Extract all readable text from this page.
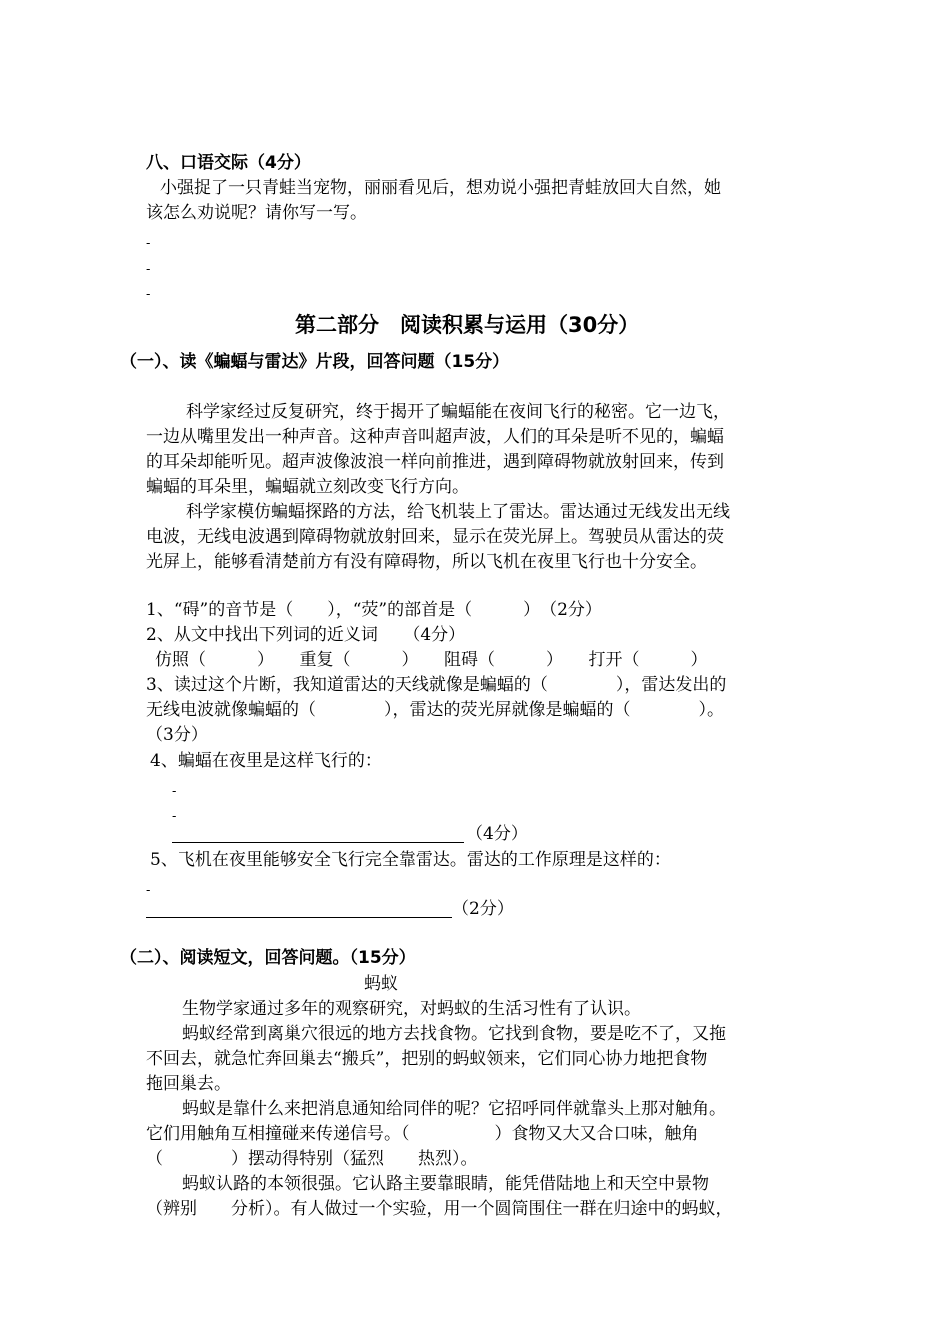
八、口语交际（4分）
小强捉了一只青蛙当宠物，丽丽看见后，想劝说小强把青蛙放回大自然，她
该怎么劝说呢？请你写一写。
-
-
-
第二部分　阅读积累与运用（30分）
（一）、读《蝙蝠与雷达》片段，回答问题（15分）
科学家经过反复研究，终于揭开了蝙蝠能在夜间飞行的秘密。它一边飞，
一边从嘴里发出一种声音。这种声音叫超声波，人们的耳朵是听不见的，蝙蝠
的耳朵却能听见。超声波像波浪一样向前推进，遇到障碍物就放射回来，传到
蝙蝠的耳朵里，蝙蝠就立刻改变飞行方向。
科学家模仿蝙蝠探路的方法，给飞机装上了雷达。雷达通过无线发出无线
电波，无线电波遇到障碍物就放射回来，显示在荧光屏上。驾驶员从雷达的荧
光屏上，能够看清楚前方有没有障碍物，所以飞机在夜里飞行也十分安全。
1、“碍”的音节是（　　），“荧”的部首是（　　　）　（2分）
2、从文中找出下列词的近义词　　（4分）
仿照（　　　）　　重复（　　　）　　阻碍（　　　）　　打开（　　　）
3、读过这个片断，我知道雷达的天线就像是蝙蝠的（　　　　），雷达发出的
无线电波就像蝙蝠的（　　　　），雷达的荧光屏就像是蝙蝠的（　　　　）。
（3分）
4、蝙蝠在夜里是这样飞行的：
-
-
（4分）
5、飞机在夜里能够安全飞行完全靠雷达。雷达的工作原理是这样的：
-
（2分）
（二）、阅读短文，回答问题。（15分）
蚂蚁
生物学家通过多年的观察研究，对蚂蚁的生活习性有了认识。
蚂蚁经常到离巢穴很远的地方去找食物。它找到食物，要是吃不了，又拖
不回去，就急忙奔回巢去“搬兵”，把别的蚂蚁领来，它们同心协力地把食物
拖回巢去。
蚂蚁是靠什么来把消息通知给同伴的呢？它招呼同伴就靠头上那对触角。
它们用触角互相撞碰来传递信号。（　　　　　）食物又大又合口味，触角
（　　　　）摆动得特别（猛烈　　热烈）。
蚂蚁认路的本领很强。它认路主要靠眼睛，能凭借陆地上和天空中景物
（辨别　　分析）。有人做过一个实验，用一个圆筒围住一群在归途中的蚂蚁，
